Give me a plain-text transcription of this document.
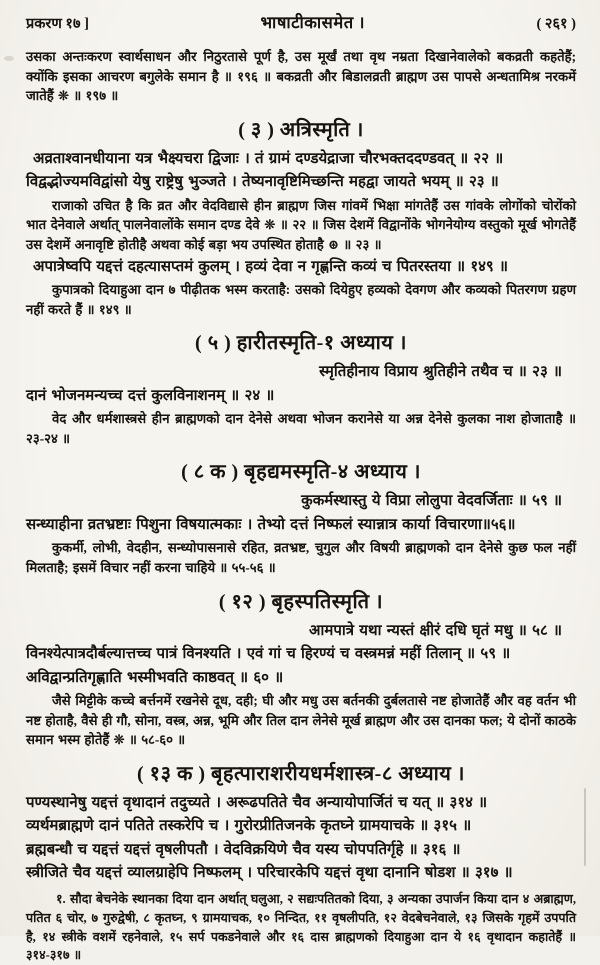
प्रकरण १७ ]	भाषाटीकासमेत ।	( २६१ )
उसका अन्तःकरण स्वार्थसाधन और निठुरतासे पूर्ण है, उस मूर्खं तथा वृथ नम्रता दिखानेवालेको बकव्रती कहतेहैं; क्योंकि इसका आचरण बगुलेके समान है ॥ १९६ ॥ बकव्रती और बिडालव्रती ब्राह्मण उस पापसे अन्धतामिश्र नरकमें जातेहैं ❊ ॥ १९७ ॥
( ३ ) अत्रिस्मृति ।
अव्रताश्वानधीयाना यत्र भैक्ष्यचरा द्विजाः । तं ग्रामं दण्डयेद्राजा चौरभक्तददण्डवत् ॥ २२ ॥
विद्वद्भोज्यमविद्वांसो येषु राष्ट्रेषु भुञ्जते । तेष्यनावृष्टिमिच्छन्ति महद्वा जायते भयम् ॥ २३ ॥
राजाको उचित है कि व्रत और वेदविद्यासे हीन ब्राह्मण जिस गांवमें भिक्षा मांगतेहैं उस गांवके लोगोंको चोरोंको भात देनेवाले अर्थात् पालनेवालोंके समान दण्ड देवे ❊ ॥ २२ ॥ जिस देशमें विद्वानोंके भोगनेयोग्य वस्तुको मूर्ख भोगतेहैं उस देशमें अनावृष्टि होतीहै अथवा कोई बड़ा भय उपस्थित होताहै ⊛ ॥ २३ ॥
अपात्रेष्वपि यद्दत्तं दहत्यासप्तमं कुलम् । हव्यं देवा न गृह्णन्ति कव्यं च पितरस्तया ॥ १४९ ॥
कुपात्रको दियाहुआ दान ७ पीढ़ीतक भस्म करताहै: उसको दियेहुए हव्यको देवगण और कव्यको पितरगण ग्रहण नहीं करते हैं ॥ १४९ ॥
( ५ ) हारीतस्मृति-१ अध्याय ।
स्मृतिहीनाय विप्राय श्रुतिहीने तथैव च ॥ २३ ॥
दानं भोजनमन्यच्च दत्तं कुलविनाशनम् ॥ २४ ॥
वेद और धर्मशास्त्रसे हीन ब्राह्मणको दान देनेसे अथवा भोजन करानेसे या अन्न देनेसे कुलका नाश होजाताहै ॥ २३-२४ ॥
( ८ क ) बृहद्यमस्मृति-४ अध्याय ।
कुकर्मस्थास्तु ये विप्रा लोलुपा वेदवर्जिताः ॥ ५९ ॥
सन्ध्याहीना व्रतभ्रष्टाः पिशुना विषयात्मकाः । तेभ्यो दत्तं निष्फलं स्यान्नात्र कार्या विचारणा॥५६॥
कुकर्मी, लोभी, वेदहीन, सन्ध्योपासनासे रहित, व्रतभ्रष्ट, चुगुल और विषयी ब्राह्मणको दान देनेसे कुछ फल नहीं मिलताहै; इसमें विचार नहीं करना चाहिये ॥ ५५-५६ ॥
( १२ ) बृहस्पतिस्मृति ।
आमपात्रे यथा न्यस्तं क्षीरं दधि घृतं मधु ॥ ५८ ॥
विनश्येत्पात्रदौर्बल्यात्तच्च पात्रं विनश्यति । एवं गां च हिरण्यं च वस्त्रमन्नं महीं तिलान् ॥ ५९ ॥
अविद्वान्प्रतिगृह्णाति भस्मीभवति काष्ठवत् ॥ ६० ॥
जैसे मिट्टीके कच्चे बर्त्तनमें रखनेसे दूध, दही; घी और मधु उस बर्तनकी दुर्बलतासे नष्ट होजातेहैं और वह वर्तन भी नष्ट होताहै, वैसे ही गौ, सोना, वस्त्र, अन्न, भूमि और तिल दान लेनेसे मूर्ख ब्राह्मण और उस दानका फल; ये दोनों काठके समान भस्म होतेहैं ❊ ॥ ५८-६० ॥
( १३ क ) बृहत्पाराशरीयधर्मशास्त्र-८ अध्याय ।
पण्यस्थानेषु यद्दत्तं वृथादानं तदुच्यते । अरूढपतिते चैव अन्यायोपार्जितं च यत् ॥ ३१४ ॥
व्यर्थमब्राह्मणे दानं पतिते तस्करेपि च । गुरोरप्रीतिजनके कृतघ्ने ग्रामयाचके ॥ ३१५ ॥
ब्रह्मबन्धौ च यद्दत्तं यद्दत्तं वृषलीपतौ । वेदविक्रयिणे चैव यस्य चोपपतिर्गृहे ॥ ३१६ ॥
स्त्रीजिते चैव यद्दत्तं व्यालग्राहेपि निष्फलम् । परिचारकेपि यद्दत्तं वृथा दानानि षोडश ॥ ३१७ ॥
१. सौदा बेचनेके स्थानका दिया दान अर्थात् घलुआ, २ सद्यःपतितको दिया, ३ अन्यका उपार्जन किया दान ४ अब्राह्मण, पतित ६ चोर, ७ गुरुद्वेषी, ८ कृतघ्न, ९ ग्रामयाचक, १० निन्दित, ११ वृषलीपति, १२ वेदबेचनेवाले, १३ जिसके गृहमें उपपति है, १४ स्त्रीके वशमें रहनेवाले, १५ सर्प पकडनेवाले और १६ दास ब्राह्मणको दियाहुआ दान ये १६ वृथादान कहातेहैं ॥ ३१४-३१७ ॥
